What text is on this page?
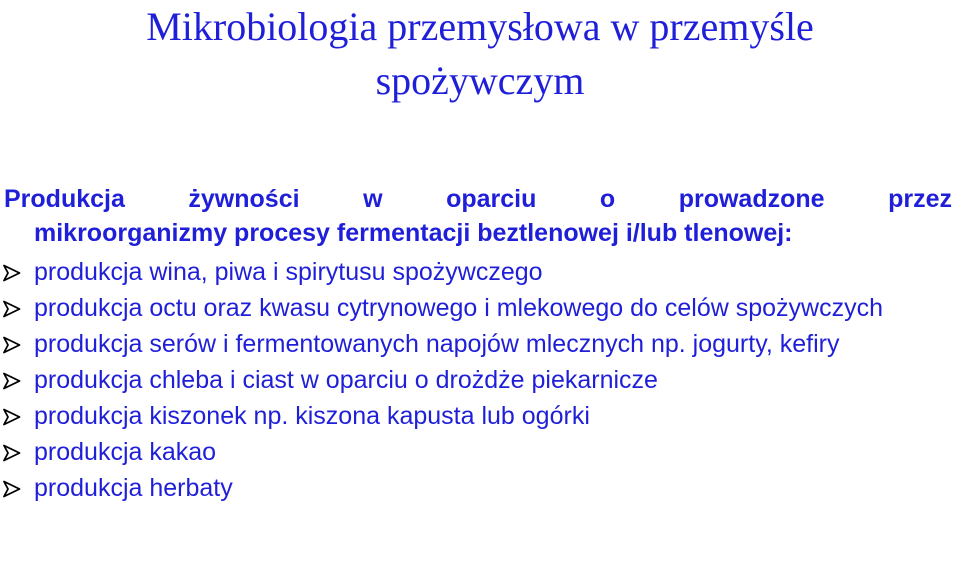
Mikrobiologia przemysłowa w przemyśle
spożywczym
Produkcja	żywności	w	oparciu	o	prowadzone	przez
mikroorganizmy procesy fermentacji beztlenowej i/lub tlenowej:
produkcja wina, piwa i spirytusu spożywczego
produkcja octu oraz kwasu cytrynowego i mlekowego do celów spożywczych
produkcja serów i fermentowanych napojów mlecznych np. jogurty, kefiry
produkcja chleba i ciast w oparciu o drożdże piekarnicze
produkcja kiszonek np. kiszona kapusta lub ogórki
produkcja kakao
produkcja herbaty
